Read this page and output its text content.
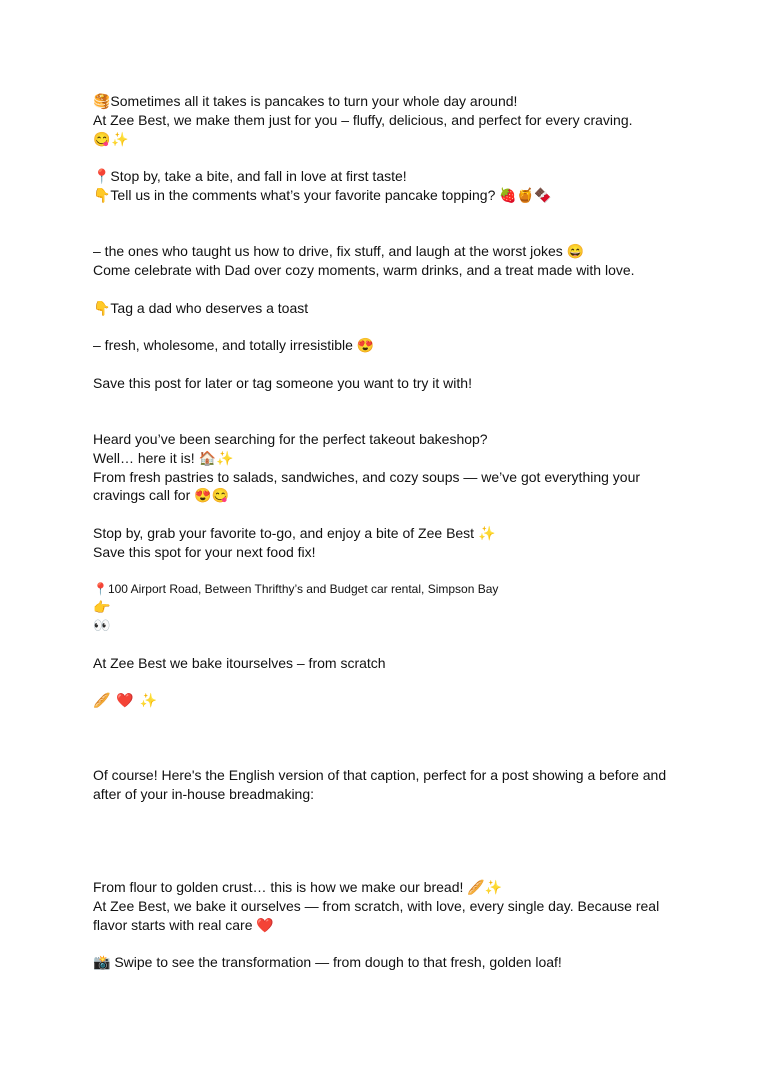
🥞Sometimes all it takes is pancakes to turn your whole day around!
At Zee Best, we make them just for you – fluffy, delicious, and perfect for every craving.
😋✨
📍Stop by, take a bite, and fall in love at first taste!
👇Tell us in the comments what’s your favorite pancake topping? 🍓🍯🍫
– the ones who taught us how to drive, fix stuff, and laugh at the worst jokes 😄
Come celebrate with Dad over cozy moments, warm drinks, and a treat made with love.
👇Tag a dad who deserves a toast
– fresh, wholesome, and totally irresistible 😍
Save this post for later or tag someone you want to try it with!
Heard you’ve been searching for the perfect takeout bakeshop?
Well… here it is! 🏠✨
From fresh pastries to salads, sandwiches, and cozy soups — we’ve got everything your
cravings call for 😍😋
Stop by, grab your favorite to-go, and enjoy a bite of Zee Best ✨
Save this spot for your next food fix!
📍100 Airport Road, Between Thrifthy’s and Budget car rental, Simpson Bay
👉
👀
At Zee Best we bake itourselves – from scratch
🥖 ❤️ ✨
Of course! Here's the English version of that caption, perfect for a post showing a before and
after of your in-house breadmaking:
From flour to golden crust… this is how we make our bread! 🥖✨
At Zee Best, we bake it ourselves — from scratch, with love, every single day. Because real
flavor starts with real care ❤️
📸 Swipe to see the transformation — from dough to that fresh, golden loaf!
